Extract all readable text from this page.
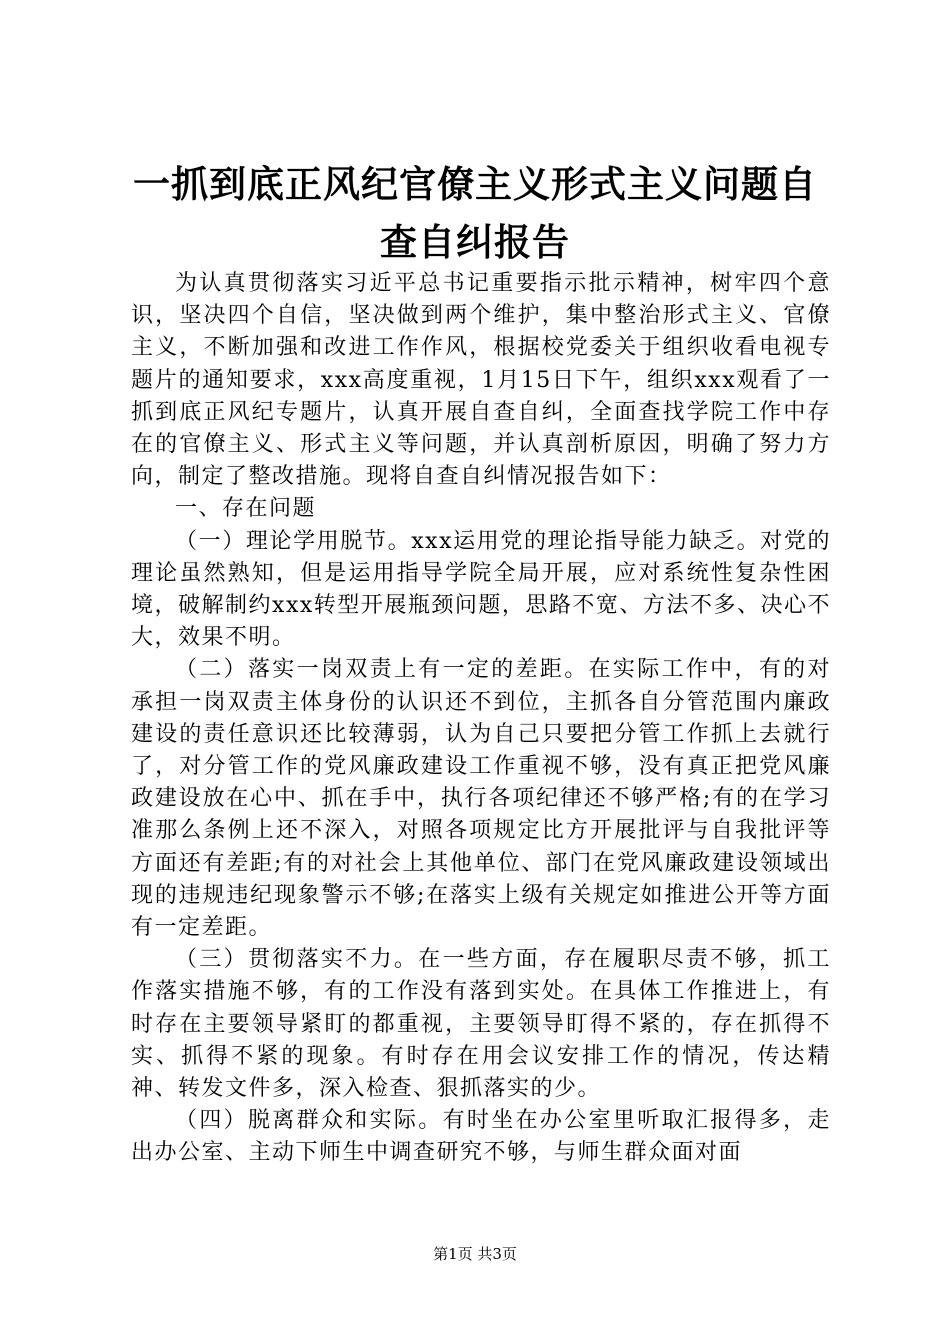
一抓到底正风纪官僚主义形式主义问题自查自纠报告

为认真贯彻落实习近平总书记重要指示批示精神，树牢四个意识，坚决四个自信，坚决做到两个维护，集中整治形式主义、官僚主义，不断加强和改进工作作风，根据校党委关于组织收看电视专题片的通知要求，xxx高度重视，1月15日下午，组织xxx观看了一抓到底正风纪专题片，认真开展自查自纠，全面查找学院工作中存在的官僚主义、形式主义等问题，并认真剖析原因，明确了努力方向，制定了整改措施。现将自查自纠情况报告如下：

一、存在问题

（一）理论学用脱节。xxx运用党的理论指导能力缺乏。对党的理论虽然熟知，但是运用指导学院全局开展，应对系统性复杂性困境，破解制约xxx转型开展瓶颈问题，思路不宽、方法不多、决心不大，效果不明。

（二）落实一岗双责上有一定的差距。在实际工作中，有的对承担一岗双责主体身份的认识还不到位，主抓各自分管范围内廉政建设的责任意识还比较薄弱，认为自己只要把分管工作抓上去就行了，对分管工作的党风廉政建设工作重视不够，没有真正把党风廉政建设放在心中、抓在手中，执行各项纪律还不够严格;有的在学习准那么条例上还不深入，对照各项规定比方开展批评与自我批评等方面还有差距;有的对社会上其他单位、部门在党风廉政建设领域出现的违规违纪现象警示不够;在落实上级有关规定如推进公开等方面有一定差距。

（三）贯彻落实不力。在一些方面，存在履职尽责不够，抓工作落实措施不够，有的工作没有落到实处。在具体工作推进上，有时存在主要领导紧盯的都重视，主要领导盯得不紧的，存在抓得不实、抓得不紧的现象。有时存在用会议安排工作的情况，传达精神、转发文件多，深入检查、狠抓落实的少。

（四）脱离群众和实际。有时坐在办公室里听取汇报得多，走出办公室、主动下师生中调查研究不够，与师生群众面对面

第1页 共3页
